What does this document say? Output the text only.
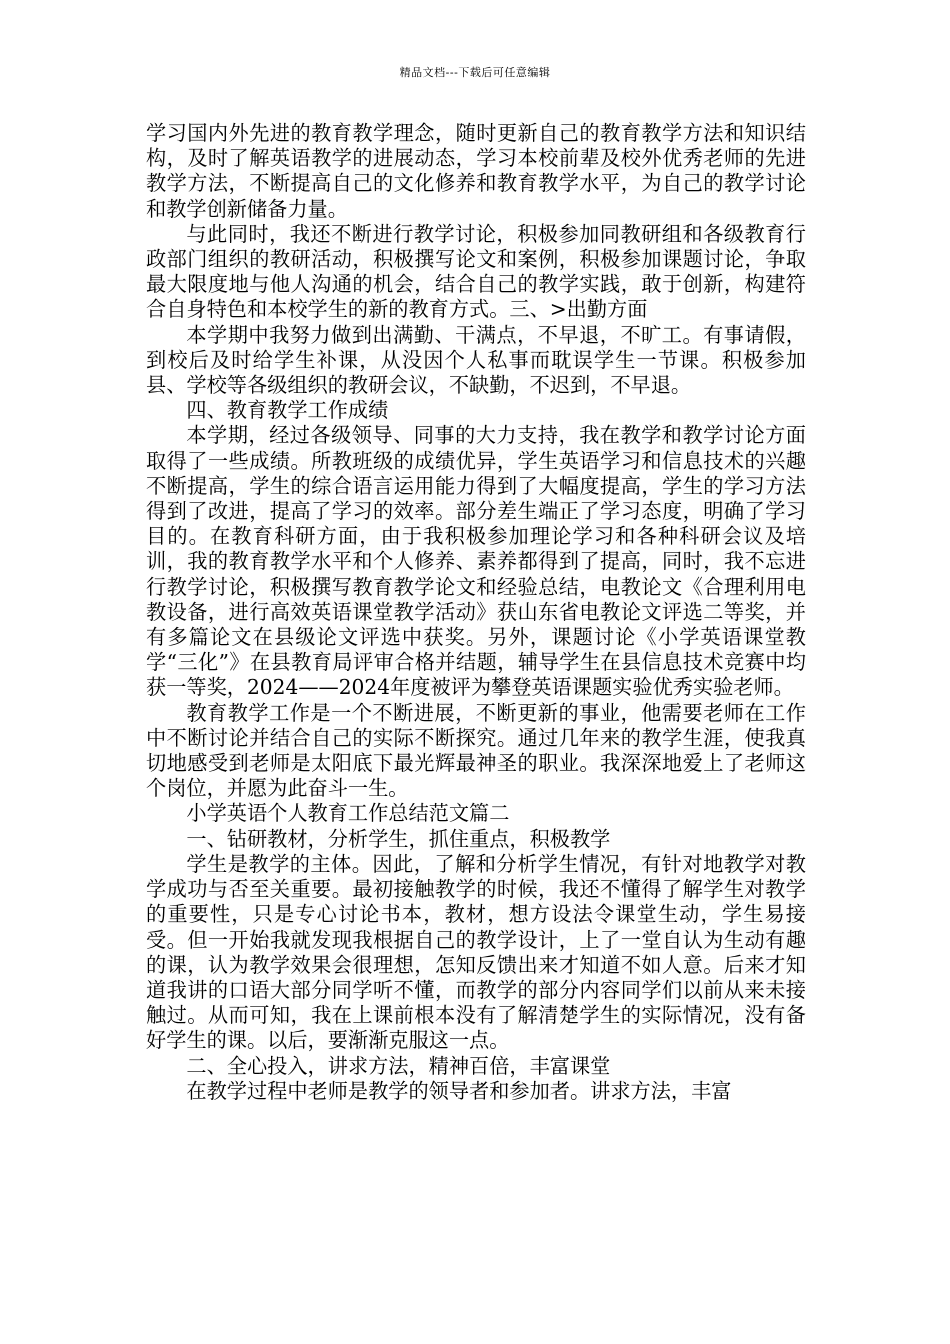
精品文档---下载后可任意编辑

学习国内外先进的教育教学理念，随时更新自己的教育教学方法和知识结构，及时了解英语教学的进展动态，学习本校前辈及校外优秀老师的先进教学方法，不断提高自己的文化修养和教育教学水平，为自己的教学讨论和教学创新储备力量。

与此同时，我还不断进行教学讨论，积极参加同教研组和各级教育行政部门组织的教研活动，积极撰写论文和案例，积极参加课题讨论，争取最大限度地与他人沟通的机会，结合自己的教学实践，敢于创新，构建符合自身特色和本校学生的新的教育方式。三、>出勤方面

本学期中我努力做到出满勤、干满点，不早退，不旷工。有事请假，到校后及时给学生补课，从没因个人私事而耽误学生一节课。积极参加县、学校等各级组织的教研会议，不缺勤，不迟到，不早退。

四、教育教学工作成绩

本学期，经过各级领导、同事的大力支持，我在教学和教学讨论方面取得了一些成绩。所教班级的成绩优异，学生英语学习和信息技术的兴趣不断提高，学生的综合语言运用能力得到了大幅度提高，学生的学习方法得到了改进，提高了学习的效率。部分差生端正了学习态度，明确了学习目的。在教育科研方面，由于我积极参加理论学习和各种科研会议及培训，我的教育教学水平和个人修养、素养都得到了提高，同时，我不忘进行教学讨论，积极撰写教育教学论文和经验总结，电教论文《合理利用电教设备，进行高效英语课堂教学活动》获山东省电教论文评选二等奖，并有多篇论文在县级论文评选中获奖。另外，课题讨论《小学英语课堂教学“三化”》在县教育局评审合格并结题，辅导学生在县信息技术竞赛中均获一等奖，2024——2024年度被评为攀登英语课题实验优秀实验老师。

教育教学工作是一个不断进展，不断更新的事业，他需要老师在工作中不断讨论并结合自己的实际不断探究。通过几年来的教学生涯，使我真切地感受到老师是太阳底下最光辉最神圣的职业。我深深地爱上了老师这个岗位，并愿为此奋斗一生。

小学英语个人教育工作总结范文篇二

一、钻研教材，分析学生，抓住重点，积极教学

学生是教学的主体。因此，了解和分析学生情况，有针对地教学对教学成功与否至关重要。最初接触教学的时候，我还不懂得了解学生对教学的重要性，只是专心讨论书本，教材，想方设法令课堂生动，学生易接受。但一开始我就发现我根据自己的教学设计，上了一堂自认为生动有趣的课，认为教学效果会很理想，怎知反馈出来才知道不如人意。后来才知道我讲的口语大部分同学听不懂，而教学的部分内容同学们以前从来未接触过。从而可知，我在上课前根本没有了解清楚学生的实际情况，没有备好学生的课。以后，要渐渐克服这一点。

二、全心投入，讲求方法，精神百倍，丰富课堂

在教学过程中老师是教学的领导者和参加者。讲求方法，丰富
